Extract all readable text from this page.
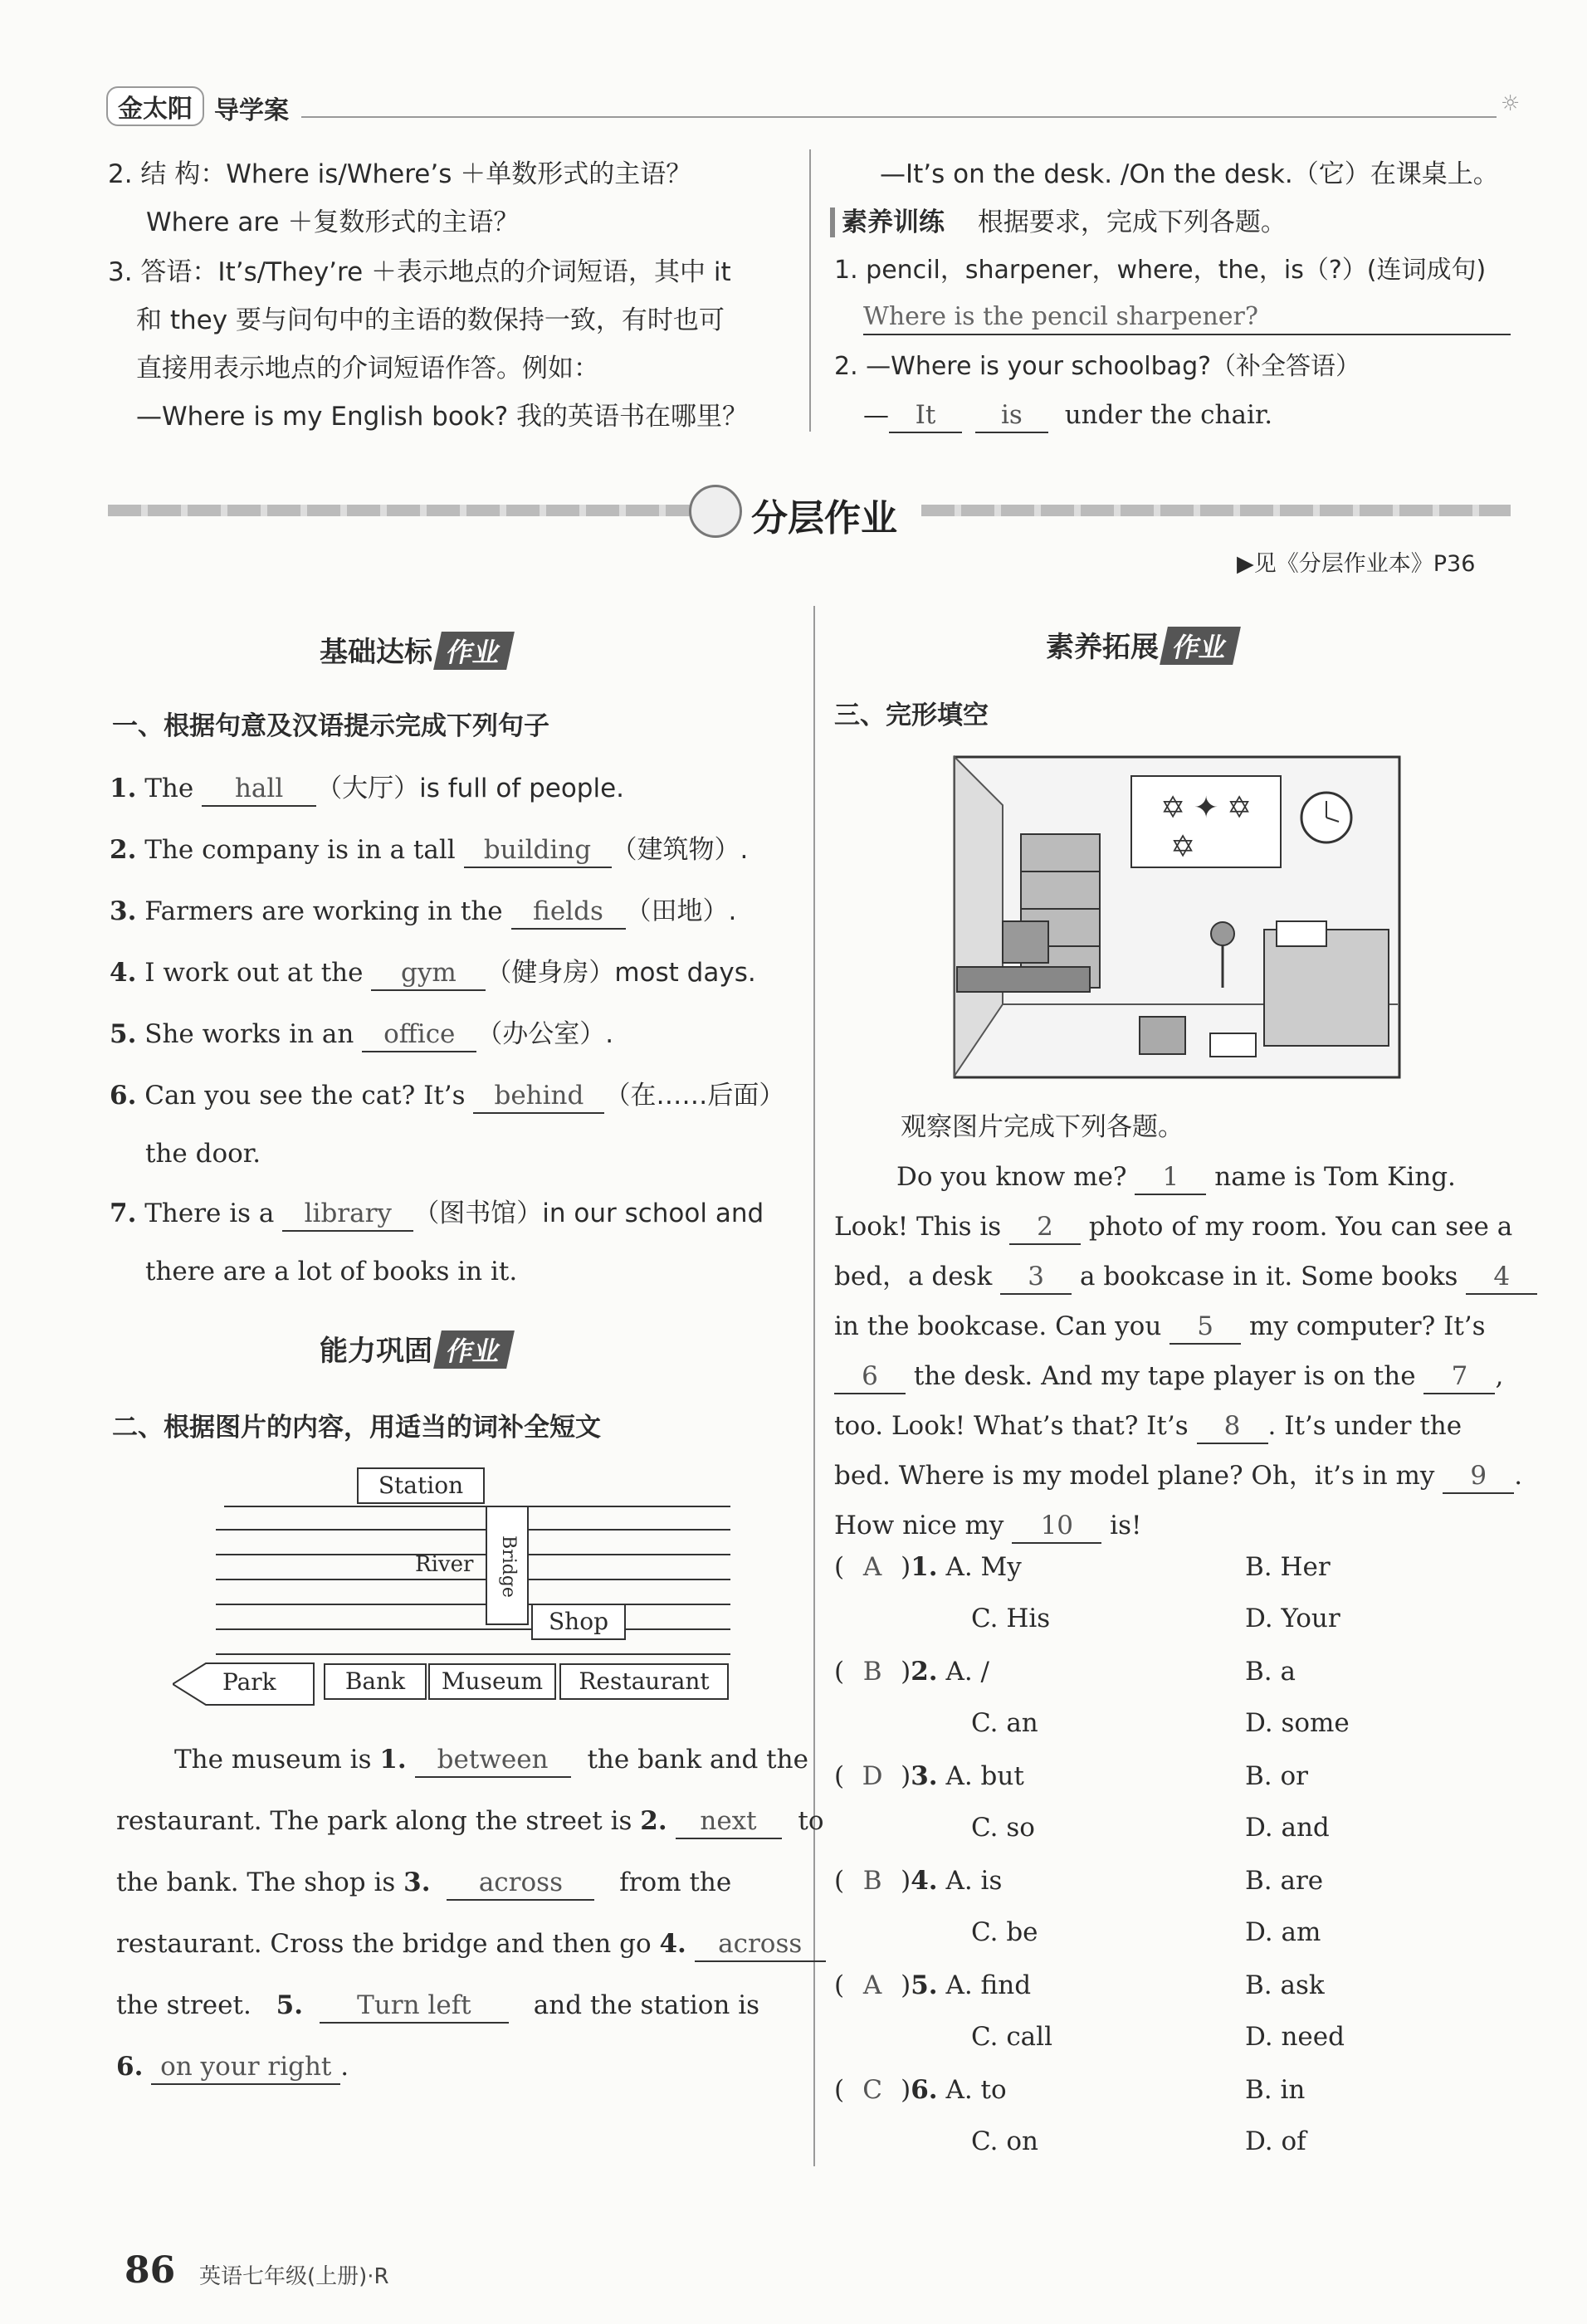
金太阳 导学案	☼
2. 结 构：Where is/Where’s ＋单数形式的主语？
Where are ＋复数形式的主语？
3. 答语：It’s/They’re ＋表示地点的介词短语，其中 it
和 they 要与问句中的主语的数保持一致，有时也可
直接用表示地点的介词短语作答。例如：
—Where is my English book? 我的英语书在哪里？
—It’s on the desk. /On the desk.（它）在课桌上。
素养训练 根据要求，完成下列各题。
1. pencil，sharpener，where，the，is（?）(连词成句)
Where is the pencil sharpener?
2. —Where is your schoolbag?（补全答语）
— It	is under the chair.
分层作业
▶见《分层作业本》P36
基础达标 作业
一、根据句意及汉语提示完成下列句子
1. The hall （大厅）is full of people.
2. The company is in a tall building （建筑物）.
3. Farmers are working in the fields （田地）.
4. I work out at the gym （健身房）most days.
5. She works in an office （办公室）.
6. Can you see the cat? It’s behind （在……后面）
the door.
7. There is a library （图书馆）in our school and
there are a lot of books in it.
能力巩固 作业
二、根据图片的内容，用适当的词补全短文
Station
River Bridge
Shop
Park	Bank	Museum	Restaurant
The museum is 1. between the bank and the
restaurant. The park along the street is 2. next to
the bank. The shop is 3. across from the
restaurant. Cross the bridge and then go 4. across
the street. 5. Turn left and the station is
6. on your right .
素养拓展 作业
三、完形填空
✡ ✦ ✡
✡
观察图片完成下列各题。
Do you know me? 1 name is Tom King.
Look! This is 2 photo of my room. You can see a
bed，a desk 3 a bookcase in it. Some books 4
in the bookcase. Can you 5 my computer? It’s
6 the desk. And my tape player is on the 7 ,
too. Look! What’s that? It’s 8 . It’s under the
bed. Where is my model plane? Oh，it’s in my 9 .
How nice my 10 is!
( A )1. A. My	B. Her
C. His	D. Your
( B )2. A. /	B. a
C. an	D. some
( D )3. A. but	B. or
C. so	D. and
( B )4. A. is	B. are
C. be	D. am
( A )5. A. find	B. ask
C. call	D. need
( C )6. A. to	B. in
C. on	D. of
86 英语七年级(上册)·R
